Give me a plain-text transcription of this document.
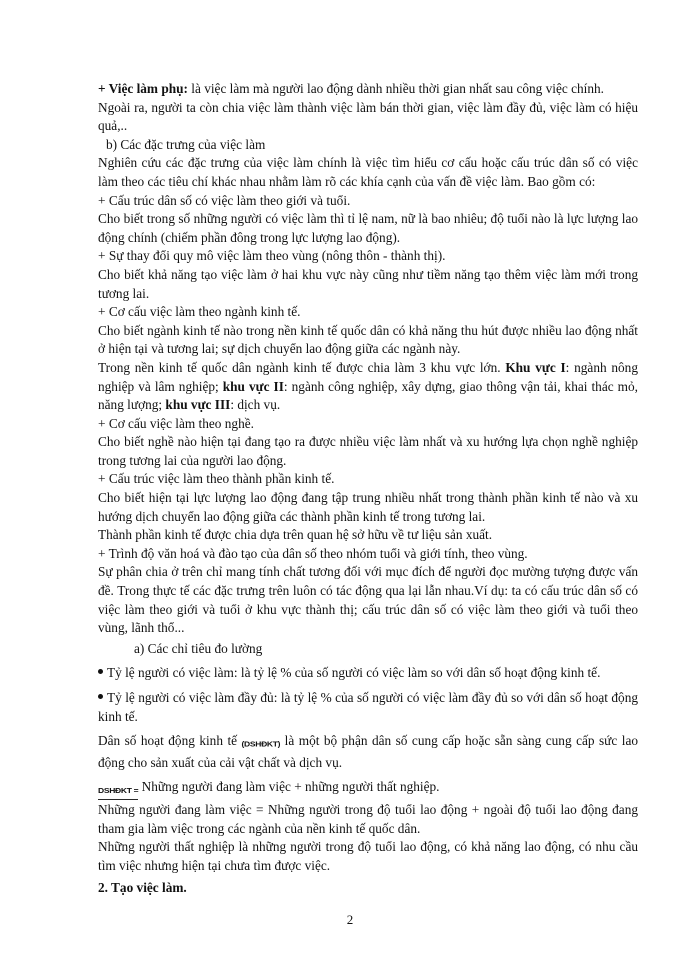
+ Việc làm phụ: là việc làm mà người lao động dành nhiều thời gian nhất sau công việc chính.

Ngoài ra, người ta còn chia việc làm thành việc làm bán thời gian, việc làm đầy đủ, việc làm có hiệu quả,..

b) Các đặc trưng của việc làm

Nghiên cứu các đặc trưng của việc làm chính là việc tìm hiểu cơ cấu hoặc cấu trúc dân số có việc làm theo các tiêu chí khác nhau nhằm làm rõ các khía cạnh của vấn đề việc làm. Bao gồm có:

+ Cấu trúc dân số có việc làm theo giới và tuổi.

Cho biết trong số những người có việc làm thì tỉ lệ nam, nữ là bao nhiêu; độ tuổi nào là lực lượng lao động chính (chiếm phần đông trong lực lượng lao động).

+ Sự thay đổi quy mô việc làm theo vùng (nông thôn - thành thị).

Cho biết khả năng tạo việc làm ở hai khu vực này cũng như tiềm năng tạo thêm việc làm mới trong tương lai.

+ Cơ cấu việc làm theo ngành kinh tế.

Cho biết ngành kinh tế nào trong nền kinh tế quốc dân có khả năng thu hút được nhiều lao động nhất ở hiện tại và tương lai; sự dịch chuyển lao động giữa các ngành này.

Trong nền kinh tế quốc dân ngành kinh tế được chia làm 3 khu vực lớn. Khu vực I: ngành nông nghiệp và lâm nghiệp; khu vực II: ngành công nghiệp, xây dựng, giao thông vận tải, khai thác mỏ, năng lượng; khu vực III: dịch vụ.

+ Cơ cấu việc làm theo nghề.

Cho biết nghề nào hiện tại đang tạo ra được nhiều việc làm nhất và xu hướng lựa chọn nghề nghiệp trong tương lai của người lao động.

+ Cấu trúc việc làm theo thành phần kinh tế.

Cho biết hiện tại lực lượng lao động đang tập trung nhiều nhất trong thành phần kinh tế nào và xu hướng dịch chuyển lao động giữa các thành phần kinh tế trong tương lai.

Thành phần kinh tế được chia dựa trên quan hệ sở hữu về tư liệu sản xuất.

+ Trình độ văn hoá và đào tạo của dân số theo nhóm tuổi và giới tính, theo vùng.

Sự phân chia ở trên chỉ mang tính chất tương đối với mục đích để người đọc mường tượng được vấn đề. Trong thực tế các đặc trưng trên luôn có tác động qua lại lẫn nhau.Ví dụ: ta có cấu trúc dân số có việc làm theo giới và tuổi ở khu vực thành thị; cấu trúc dân số có việc làm theo giới và tuổi theo vùng, lãnh thổ...

a) Các chỉ tiêu đo lường

Tỷ lệ người có việc làm: là tỷ lệ % của số người có việc làm so với dân số hoạt động kinh tế.

Tỷ lệ người có việc làm đầy đủ: là tỷ lệ % của số người có việc làm đầy đủ so với dân số hoạt động kinh tế.

Dân số hoạt động kinh tế (DSHĐKT) là một bộ phận dân số cung cấp hoặc sẵn sàng cung cấp sức lao động cho sản xuất của cải vật chất và dịch vụ.

DSHĐKT = Những người đang làm việc + những người thất nghiệp.

Những người đang làm việc = Những người trong độ tuổi lao động + ngoài độ tuổi lao động đang tham gia làm việc trong các ngành của nền kinh tế quốc dân.

Những người thất nghiệp là những người trong độ tuổi lao động, có khả năng lao động, có nhu cầu tìm việc nhưng hiện tại chưa tìm được việc.

2. Tạo việc làm.

2
